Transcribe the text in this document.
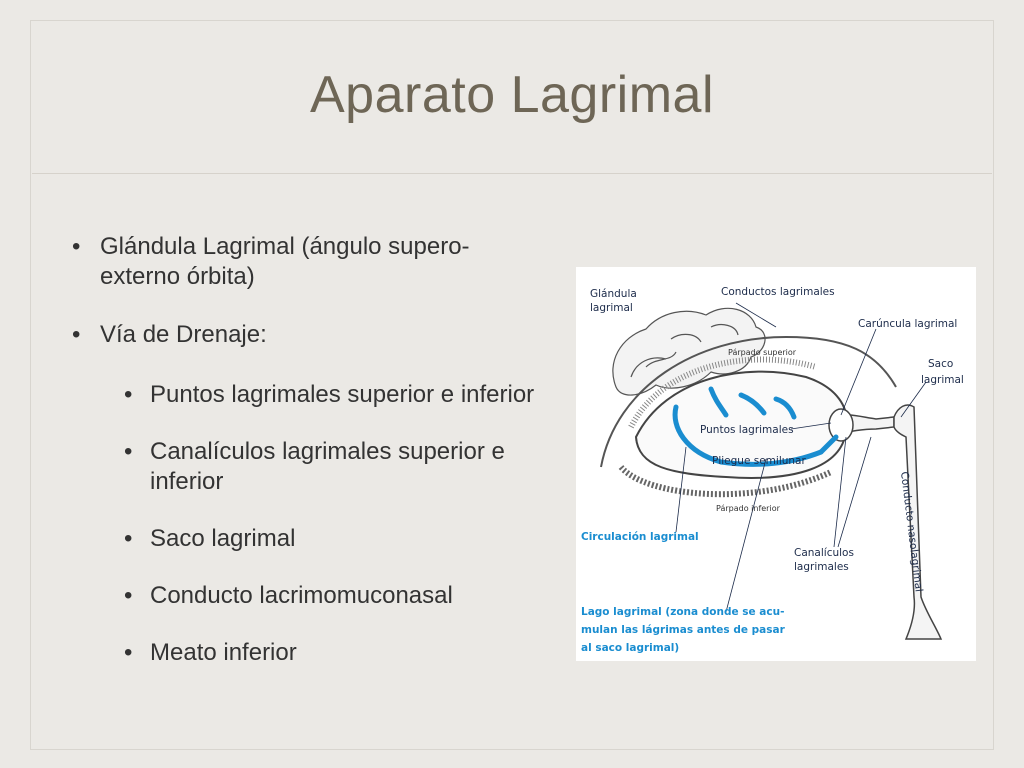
Aparato Lagrimal
• Glándula Lagrimal (ángulo supero-externo órbita)
• Vía de Drenaje:
• Puntos lagrimales superior e inferior
• Canalículos lagrimales superior e inferior
• Saco lagrimal
• Conducto lacrimomuconasal
• Meato inferior
Glándula
lagrimal
Conductos lagrimales
Carúncula lagrimal
Saco
lagrimal
Párpado superior
Puntos lagrimales
Pliegue semilunar
Párpado inferior
Circulación lagrimal
Canalículos
lagrimales	Conducto nasolagrimal
Lago lagrimal (zona donde se acu-
mulan las lágrimas antes de pasar
al saco lagrimal)
